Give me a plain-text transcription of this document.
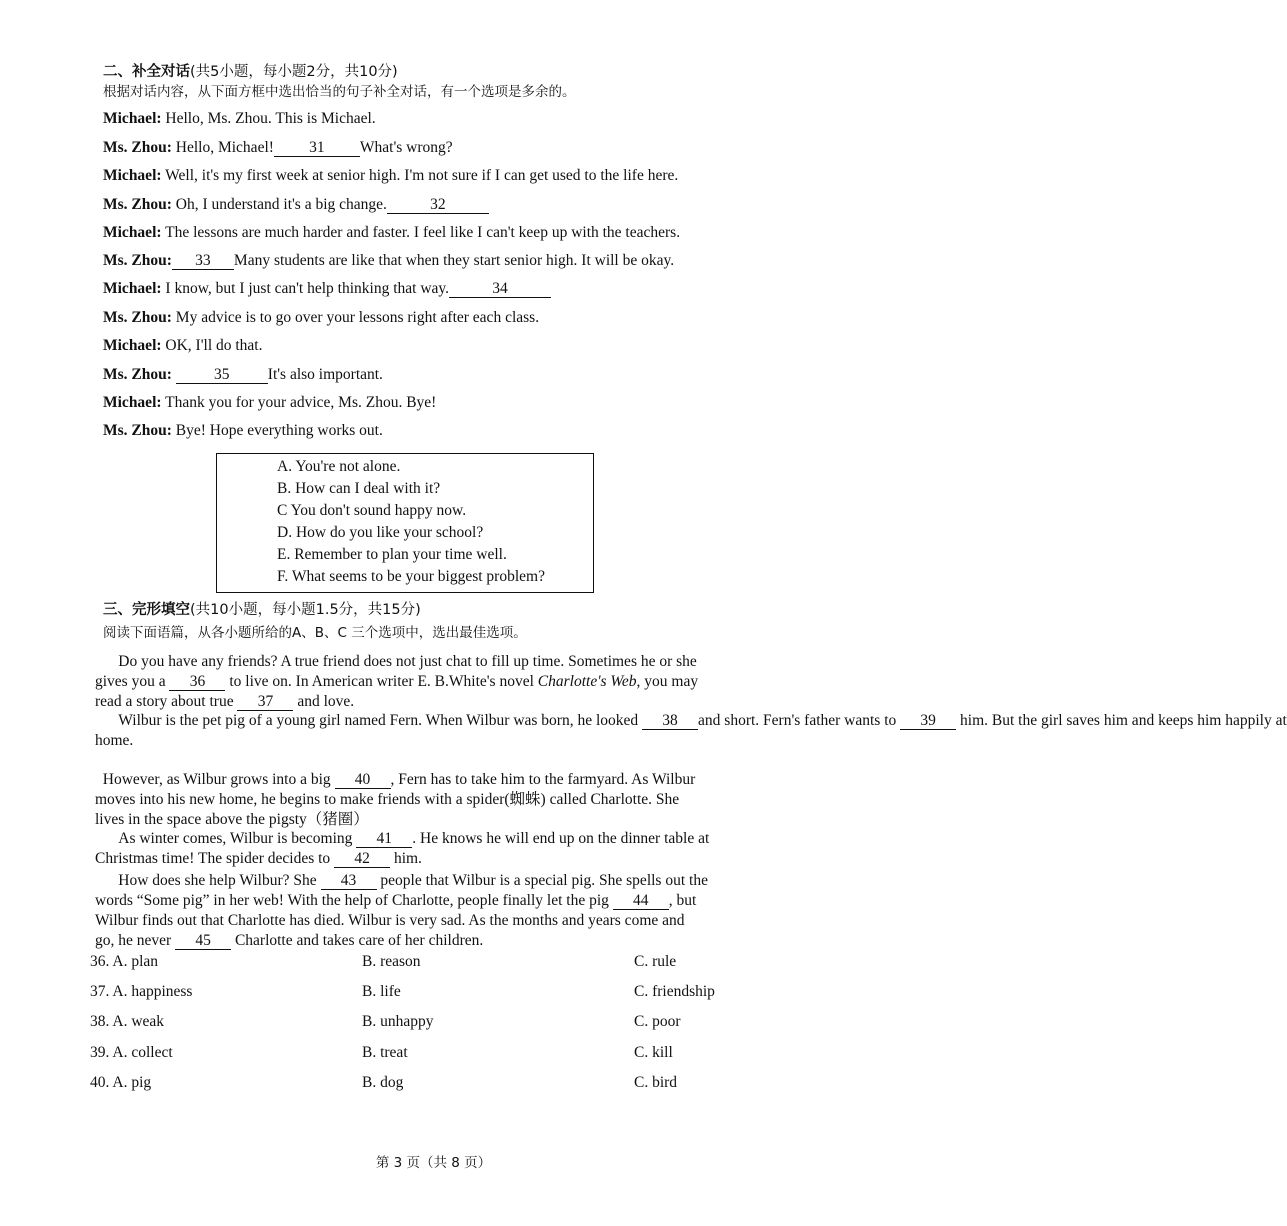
二、补全对话(共5小题，每小题2分，共10分)
根据对话内容，从下面方框中选出恰当的句子补全对话，有一个选项是多余的。
Michael: Hello, Ms. Zhou. This is Michael.
Ms. Zhou: Hello, Michael! 31 What's wrong?
Michael: Well, it's my first week at senior high. I'm not sure if I can get used to the life here.
Ms. Zhou: Oh, I understand it's a big change.	32
Michael: The lessons are much harder and faster. I feel like I can't keep up with the teachers.
Ms. Zhou: 33 Many students are like that when they start senior high. It will be okay.
Michael: I know, but I just can't help thinking that way.	34
Ms. Zhou: My advice is to go over your lessons right after each class.
Michael: OK, I'll do that.
Ms. Zhou:	35 It's also important.
Michael: Thank you for your advice, Ms. Zhou. Bye!
Ms. Zhou: Bye! Hope everything works out.
A. You're not alone.
B. How can I deal with it?
C You don't sound happy now.
D. How do you like your school?
E. Remember to plan your time well.
F. What seems to be your biggest problem?
三、完形填空(共10小题，每小题1.5分，共15分)
阅读下面语篇，从各小题所给的A、B、C 三个选项中，选出最佳选项。
Do you have any friends? A true friend does not just chat to fill up time. Sometimes he or she
gives you a 36 to live on. In American writer E. B.White's novel Charlotte's Web, you may
read a story about true 37 and love.
Wilbur is the pet pig of a young girl named Fern. When Wilbur was born, he looked 38 and short. Fern's father wants to 39 him. But the girl saves him and keeps him happily at
home.
However, as Wilbur grows into a big 40 , Fern has to take him to the farmyard. As Wilbur
moves into his new home, he begins to make friends with a spider(蜘蛛) called Charlotte. She
lives in the space above the pigsty（猪圈）
As winter comes, Wilbur is becoming 41 . He knows he will end up on the dinner table at
Christmas time! The spider decides to 42 him.
How does she help Wilbur? She 43 people that Wilbur is a special pig. She spells out the
words “Some pig” in her web! With the help of Charlotte, people finally let the pig 44 , but
Wilbur finds out that Charlotte has died. Wilbur is very sad. As the months and years come and
go, he never 45 Charlotte and takes care of her children.
36. A. plan	B. reason	C. rule
37. A. happiness	B. life	C. friendship
38. A. weak	B. unhappy	C. poor
39. A. collect	B. treat	C. kill
40. A. pig	B. dog	C. bird
第 3 页（共 8 页）
